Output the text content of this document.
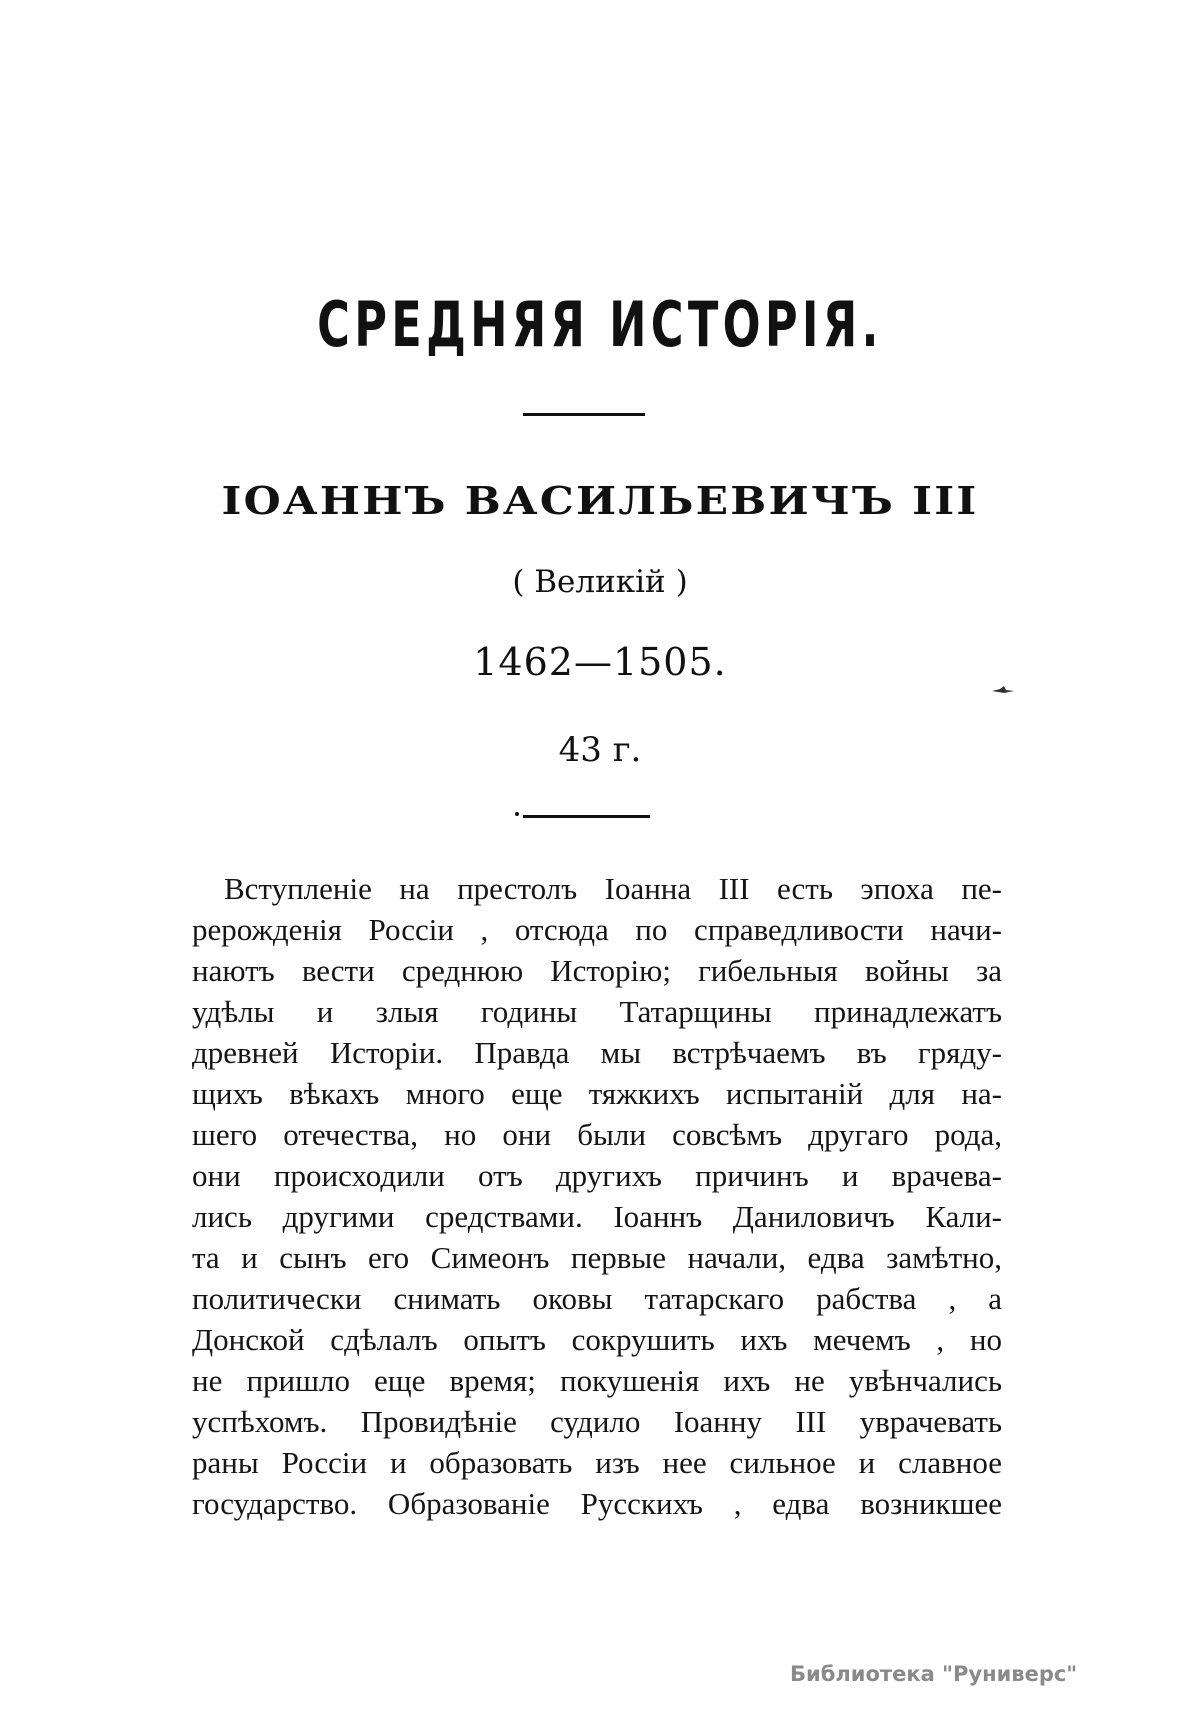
СРЕДНЯЯ ИСТОРІЯ.
ІОАННЪ ВАСИЛЬЕВИЧЪ III
( Великій )
1462—1505.
43 г.
Вступленіе на престолъ Іоанна III есть эпоха пе-
рерожденія Россіи , отсюда по справедливости начи-
наютъ вести среднюю Исторію; гибельныя войны за
удѣлы и злыя годины Татарщины принадлежатъ
древней Исторіи. Правда мы встрѣчаемъ въ гряду-
щихъ вѣкахъ много еще тяжкихъ испытаній для на-
шего отечества, но они были совсѣмъ другаго рода,
они происходили отъ другихъ причинъ и врачева-
лись другими средствами. Іоаннъ Даниловичъ Кали-
та и сынъ его Симеонъ первые начали, едва замѣтно,
политически снимать оковы татарскаго рабства , а
Донской сдѣлалъ опытъ сокрушить ихъ мечемъ , но
не пришло еще время; покушенія ихъ не увѣнчались
успѣхомъ. Провидѣніе судило Іоанну III уврачевать
раны Россіи и образовать изъ нее сильное и славное
государство. Образованіе Русскихъ , едва возникшее
Библиотека "Руниверс"
